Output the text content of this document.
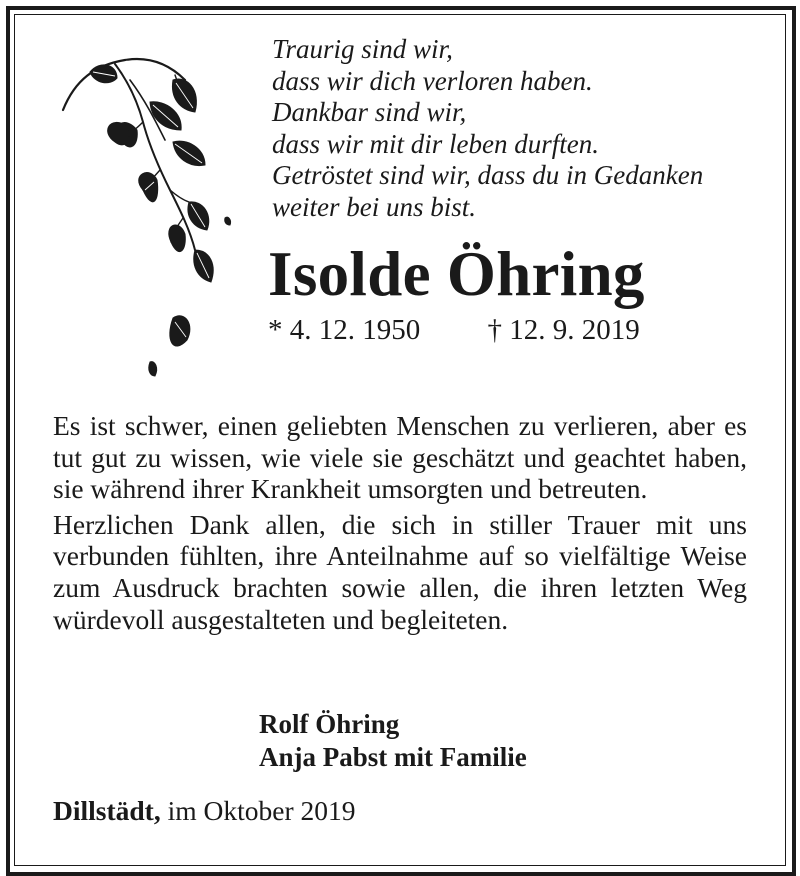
Traurig sind wir,
dass wir dich verloren haben.
Dankbar sind wir,
dass wir mit dir leben durften.
Getröstet sind wir, dass du in Gedanken
weiter bei uns bist.
Isolde Öhring
* 4. 12. 1950 † 12. 9. 2019

Es ist schwer, einen geliebten Menschen zu verlieren, aber es tut gut zu wissen, wie viele sie geschätzt und geachtet haben, sie während ihrer Krankheit umsorgten und betreuten.

Herzlichen Dank allen, die sich in stiller Trauer mit uns verbunden fühlten, ihre Anteilnahme auf so vielfältige Weise zum Ausdruck brachten sowie allen, die ihren letzten Weg würdevoll ausgestalteten und begleiteten.

Rolf Öhring
Anja Pabst mit Familie
Dillstädt, im Oktober 2019
